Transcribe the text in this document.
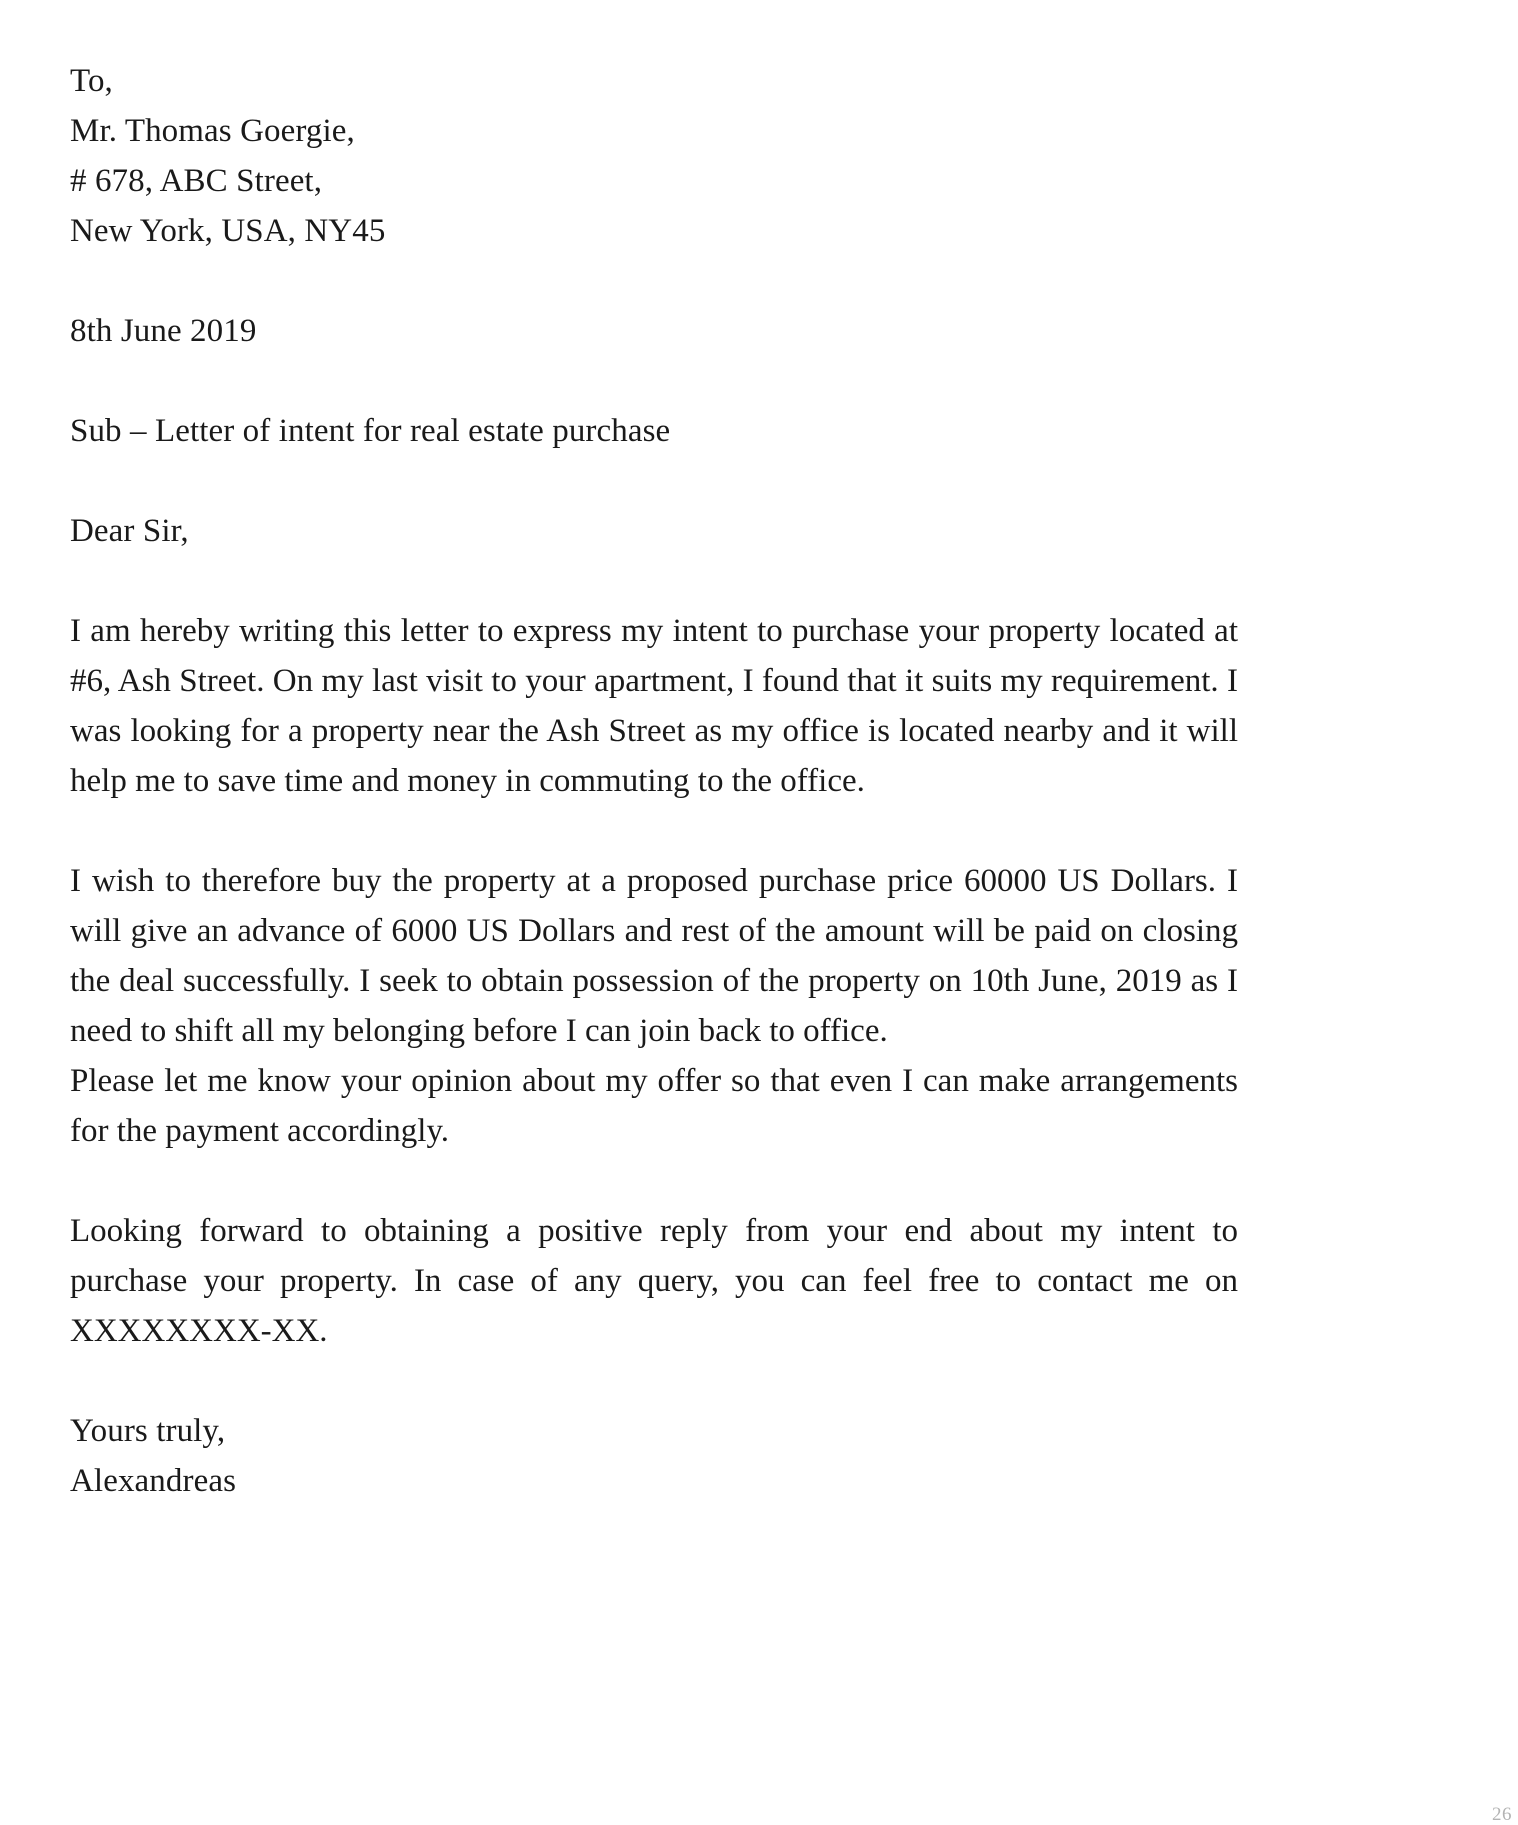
To,
Mr. Thomas Goergie,
# 678, ABC Street,
New York, USA, NY45
8th June 2019
Sub – Letter of intent for real estate purchase
Dear Sir,

I am hereby writing this letter to express my intent to purchase your property located at #6, Ash Street. On my last visit to your apartment, I found that it suits my requirement. I was looking for a property near the Ash Street as my office is located nearby and it will help me to save time and money in commuting to the office.

I wish to therefore buy the property at a proposed purchase price 60000 US Dollars. I will give an advance of 6000 US Dollars and rest of the amount will be paid on closing the deal successfully. I seek to obtain possession of the property on 10th June, 2019 as I need to shift all my belonging before I can join back to office.

Please let me know your opinion about my offer so that even I can make arrangements for the payment accordingly.

Looking forward to obtaining a positive reply from your end about my intent to purchase your property. In case of any query, you can feel free to contact me on XXXXXXXX-XX.

Yours truly,
Alexandreas
26
